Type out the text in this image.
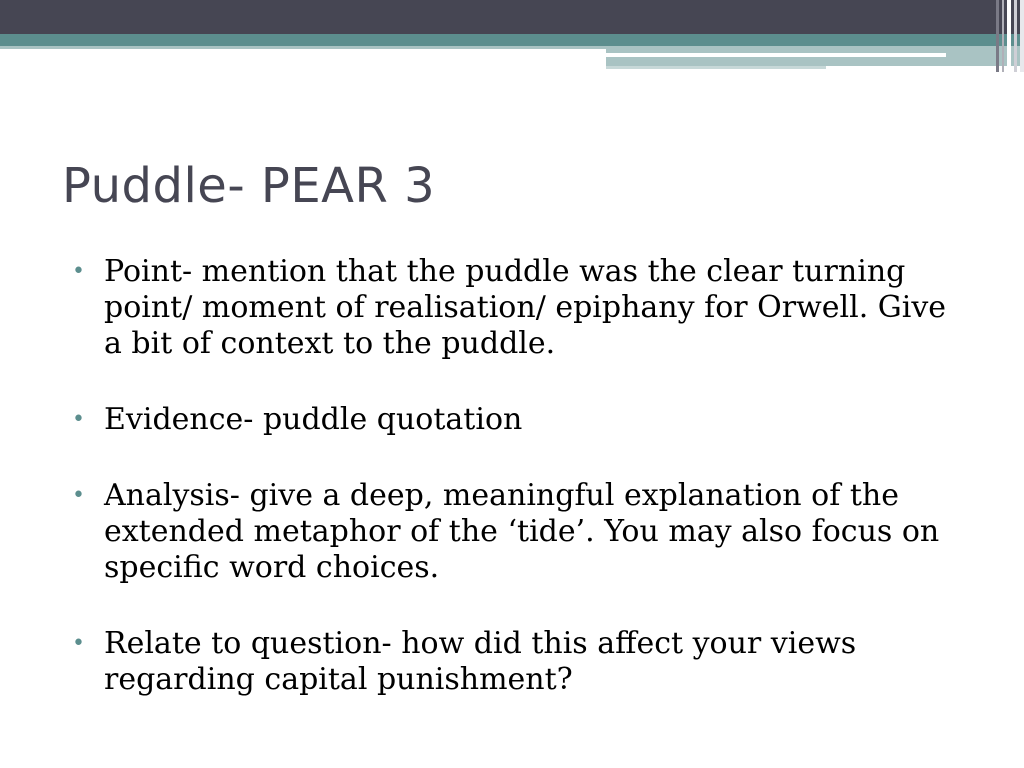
Puddle- PEAR 3
• Point- mention that the puddle was the clear turning point/ moment of realisation/ epiphany for Orwell. Give a bit of context to the puddle.
• Evidence- puddle quotation
• Analysis- give a deep, meaningful explanation of the extended metaphor of the ‘tide’. You may also focus on specific word choices.
• Relate to question- how did this affect your views regarding capital punishment?
